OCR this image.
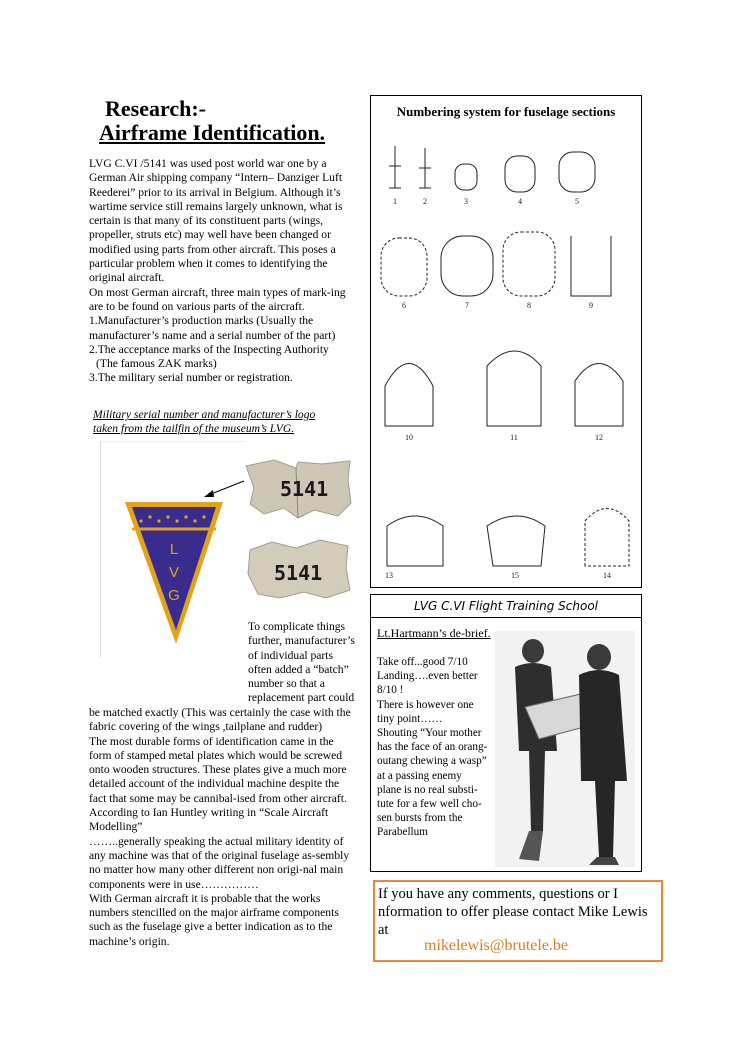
Research:-
Airframe Identification.

LVG C.VI /5141 was used post world war one by a German Air shipping company “Intern– Danziger Luft Reederei” prior to its arrival in Belgium. Although it’s wartime service still remains largely unknown, what is certain is that many of its constituent parts (wings, propeller, struts etc) may well have been changed or modified using parts from other aircraft. This poses a particular problem when it comes to identifying the original aircraft.

On most German aircraft, three main types of mark-ing are to be found on various parts of the aircraft.

1.Manufacturer’s production marks (Usually the manufacturer’s name and a serial number of the part)

2.The acceptance marks of the Inspecting Authority

(The famous ZAK marks)

3.The military serial number or registration.

Military serial number and manufacturer’s logo
taken from the tailfin of the museum’s LVG.
L
V
G
5141
5141
To complicate things further, manufacturer’s of individual parts often added a “batch” number so that a replacement part could

be matched exactly (This was certainly the case with the fabric covering of the wings ,tailplane and rudder)

The most durable forms of identification came in the form of stamped metal plates which would be screwed onto wooden structures. These plates give a much more detailed account of the individual machine despite the fact that some may be cannibal-ised from other aircraft.

According to Ian Huntley writing in “Scale Aircraft Modelling”

……..generally speaking the actual military identity of any machine was that of the original fuselage as-sembly no matter how many other different non origi-nal main components were in use……………

With German aircraft it is probable that the works numbers stencilled on the major airframe components such as the fuselage give a better indication as to the machine’s origin.

Numbering system for fuselage sections
1	2	3	4	5
6	7	8	9
10	11	12
13	15	14
LVG C.VI Flight Training School
Lt.Hartmann’s de-brief.
Take off...good 7/10
Landing….even better
8/10 !
There is however one
tiny point……
Shouting “Your mother
has the face of an orang-
outang chewing a wasp”
at a passing enemy
plane is no real substi-
tute for a few well cho-
sen bursts from the
Parabellum
If you have any comments, questions or I nformation to offer please contact Mike Lewis at
mikelewis@brutele.be
